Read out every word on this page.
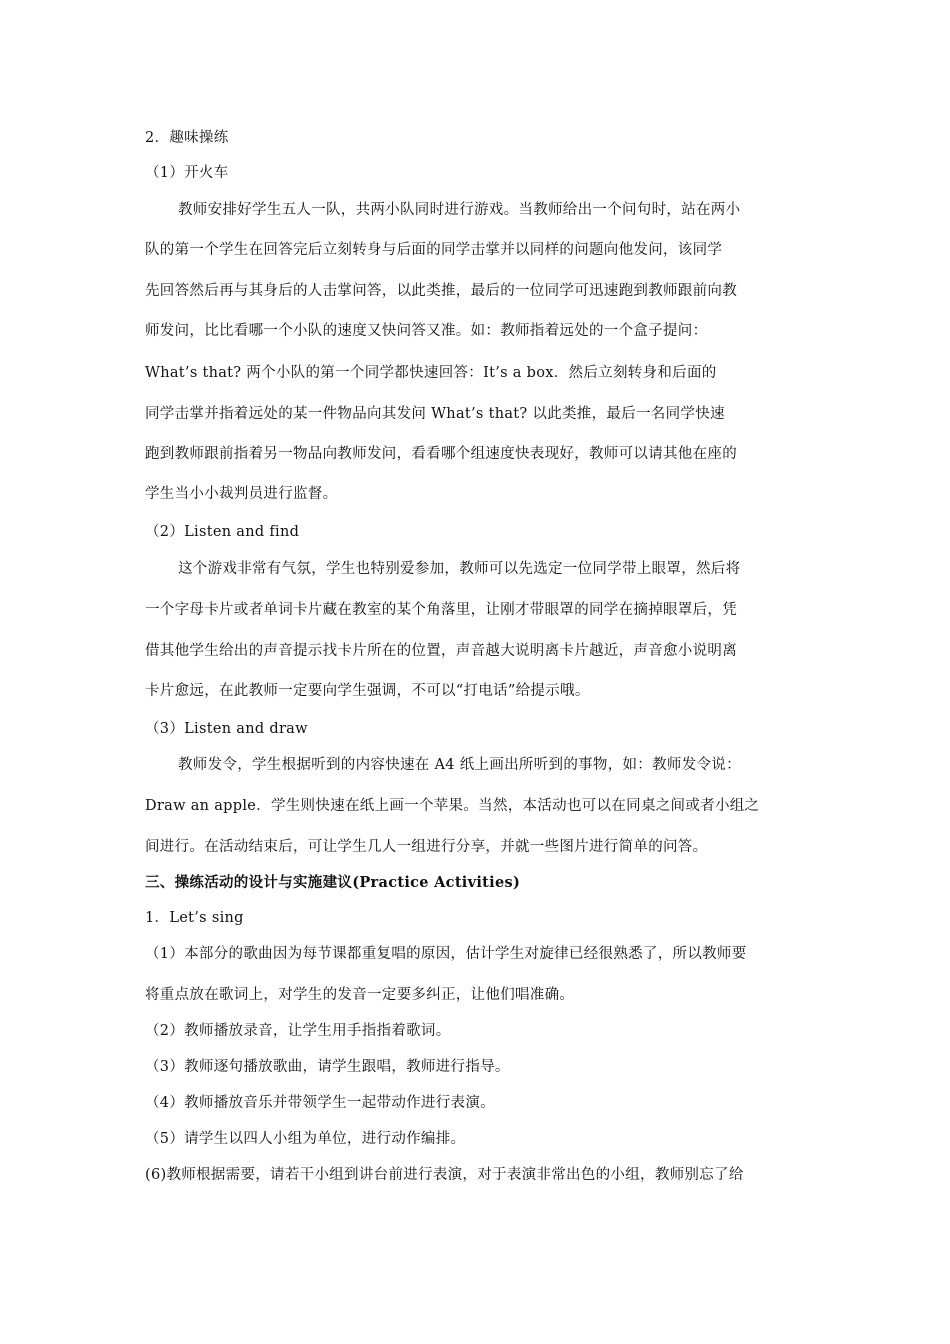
2．趣味操练
（1）开火车
教师安排好学生五人一队，共两小队同时进行游戏。当教师给出一个问句时，站在两小
队的第一个学生在回答完后立刻转身与后面的同学击掌并以同样的问题向他发问，该同学
先回答然后再与其身后的人击掌问答，以此类推，最后的一位同学可迅速跑到教师跟前向教
师发问，比比看哪一个小队的速度又快问答又准。如：教师指着远处的一个盒子提问：
What’s that? 两个小队的第一个同学都快速回答：It’s a box．然后立刻转身和后面的
同学击掌并指着远处的某一件物品向其发问 What’s that? 以此类推，最后一名同学快速
跑到教师跟前指着另一物品向教师发问，看看哪个组速度快表现好，教师可以请其他在座的
学生当小小裁判员进行监督。
（2）Listen and find
这个游戏非常有气氛，学生也特别爱参加，教师可以先选定一位同学带上眼罩，然后将
一个字母卡片或者单词卡片藏在教室的某个角落里，让刚才带眼罩的同学在摘掉眼罩后，凭
借其他学生给出的声音提示找卡片所在的位置，声音越大说明离卡片越近，声音愈小说明离
卡片愈远，在此教师一定要向学生强调，不可以“打电话”给提示哦。
（3）Listen and draw
教师发令，学生根据听到的内容快速在 A4 纸上画出所听到的事物，如：教师发令说：
Draw an apple．学生则快速在纸上画一个苹果。当然，本活动也可以在同桌之间或者小组之
间进行。在活动结束后，可让学生几人一组进行分享，并就一些图片进行简单的问答。
三、操练活动的设计与实施建议(Practice Activities)
1．Let’s sing
（1）本部分的歌曲因为每节课都重复唱的原因，估计学生对旋律已经很熟悉了，所以教师要
将重点放在歌词上，对学生的发音一定要多纠正，让他们唱准确。
（2）教师播放录音，让学生用手指指着歌词。
（3）教师逐句播放歌曲，请学生跟唱，教师进行指导。
（4）教师播放音乐并带领学生一起带动作进行表演。
（5）请学生以四人小组为单位，进行动作编排。
(6)教师根据需要，请若干小组到讲台前进行表演，对于表演非常出色的小组，教师别忘了给
